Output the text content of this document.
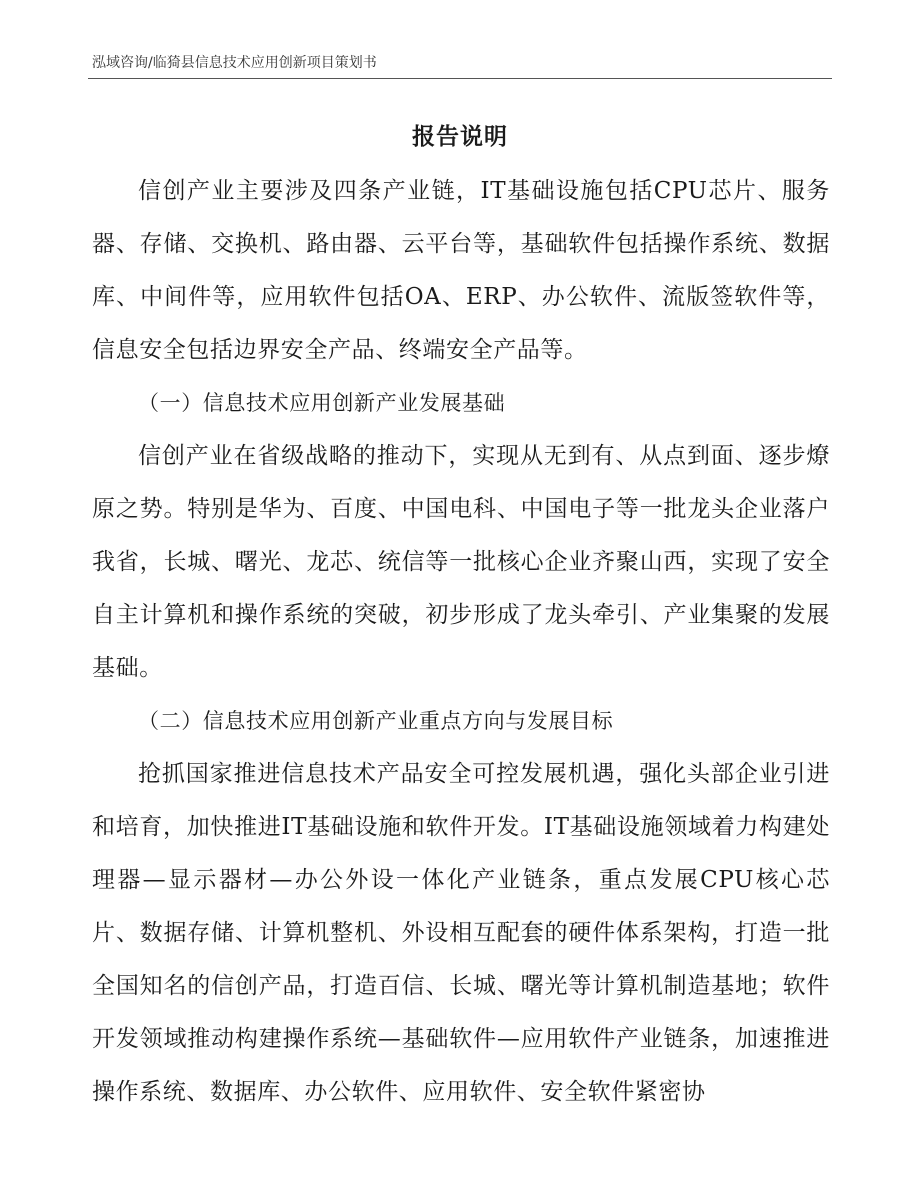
泓域咨询/临猗县信息技术应用创新项目策划书
报告说明

信创产业主要涉及四条产业链，IT基础设施包括CPU芯片、服务器、存储、交换机、路由器、云平台等，基础软件包括操作系统、数据库、中间件等，应用软件包括OA、ERP、办公软件、流版签软件等，信息安全包括边界安全产品、终端安全产品等。

（一）信息技术应用创新产业发展基础

信创产业在省级战略的推动下，实现从无到有、从点到面、逐步燎原之势。特别是华为、百度、中国电科、中国电子等一批龙头企业落户我省，长城、曙光、龙芯、统信等一批核心企业齐聚山西，实现了安全自主计算机和操作系统的突破，初步形成了龙头牵引、产业集聚的发展基础。

（二）信息技术应用创新产业重点方向与发展目标

抢抓国家推进信息技术产品安全可控发展机遇，强化头部企业引进和培育，加快推进IT基础设施和软件开发。IT基础设施领域着力构建处理器—显示器材—办公外设一体化产业链条，重点发展CPU核心芯片、数据存储、计算机整机、外设相互配套的硬件体系架构，打造一批全国知名的信创产品，打造百信、长城、曙光等计算机制造基地；软件开发领域推动构建操作系统—基础软件—应用软件产业链条，加速推进操作系统、数据库、办公软件、应用软件、安全软件紧密协
